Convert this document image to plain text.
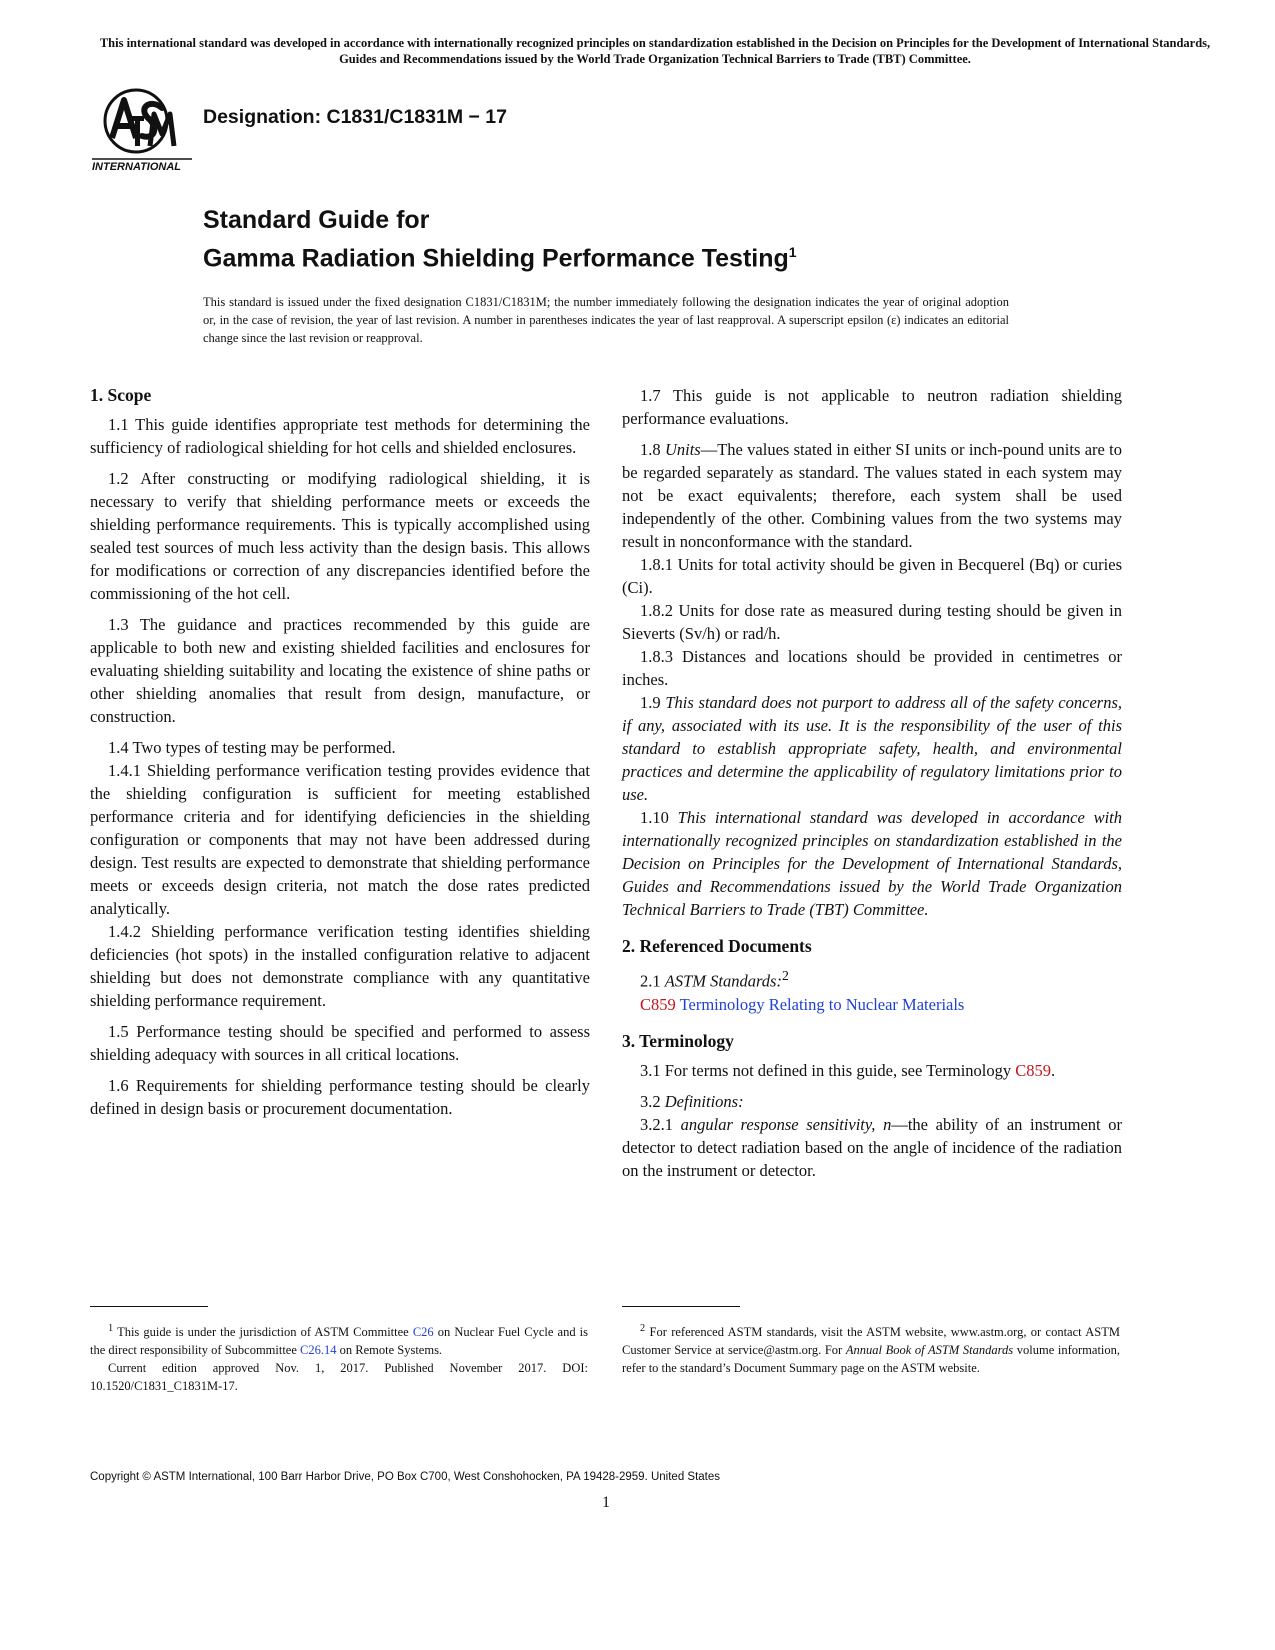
This international standard was developed in accordance with internationally recognized principles on standardization established in the Decision on Principles for the Development of International Standards, Guides and Recommendations issued by the World Trade Organization Technical Barriers to Trade (TBT) Committee.
INTERNATIONAL
Designation: C1831/C1831M − 17
Standard Guide for
Gamma Radiation Shielding Performance Testing$^1$
This standard is issued under the fixed designation C1831/C1831M; the number immediately following the designation indicates the year of original adoption or, in the case of revision, the year of last revision. A number in parentheses indicates the year of last reapproval. A superscript epsilon (ε) indicates an editorial change since the last revision or reapproval.
1. Scope

1.1 This guide identifies appropriate test methods for determining the sufficiency of radiological shielding for hot cells and shielded enclosures.

1.2 After constructing or modifying radiological shielding, it is necessary to verify that shielding performance meets or exceeds the shielding performance requirements. This is typically accomplished using sealed test sources of much less activity than the design basis. This allows for modifications or correction of any discrepancies identified before the commissioning of the hot cell.

1.3 The guidance and practices recommended by this guide are applicable to both new and existing shielded facilities and enclosures for evaluating shielding suitability and locating the existence of shine paths or other shielding anomalies that result from design, manufacture, or construction.

1.4 Two types of testing may be performed.

1.4.1 Shielding performance verification testing provides evidence that the shielding configuration is sufficient for meeting established performance criteria and for identifying deficiencies in the shielding configuration or components that may not have been addressed during design. Test results are expected to demonstrate that shielding performance meets or exceeds design criteria, not match the dose rates predicted analytically.

1.4.2 Shielding performance verification testing identifies shielding deficiencies (hot spots) in the installed configuration relative to adjacent shielding but does not demonstrate compliance with any quantitative shielding performance requirement.

1.5 Performance testing should be specified and performed to assess shielding adequacy with sources in all critical locations.

1.6 Requirements for shielding performance testing should be clearly defined in design basis or procurement documentation.

1.7 This guide is not applicable to neutron radiation shielding performance evaluations.

1.8 Units—The values stated in either SI units or inch-pound units are to be regarded separately as standard. The values stated in each system may not be exact equivalents; therefore, each system shall be used independently of the other. Combining values from the two systems may result in nonconformance with the standard.

1.8.1 Units for total activity should be given in Becquerel (Bq) or curies (Ci).

1.8.2 Units for dose rate as measured during testing should be given in Sieverts (Sv/h) or rad/h.

1.8.3 Distances and locations should be provided in centimetres or inches.

1.9 This standard does not purport to address all of the safety concerns, if any, associated with its use. It is the responsibility of the user of this standard to establish appropriate safety, health, and environmental practices and determine the applicability of regulatory limitations prior to use.

1.10 This international standard was developed in accordance with internationally recognized principles on standardization established in the Decision on Principles for the Development of International Standards, Guides and Recommendations issued by the World Trade Organization Technical Barriers to Trade (TBT) Committee.

2. Referenced Documents

2.1 ASTM Standards:$^2$

C859 Terminology Relating to Nuclear Materials
3. Terminology

3.1 For terms not defined in this guide, see Terminology C859.

3.2 Definitions:

3.2.1 angular response sensitivity, n—the ability of an instrument or detector to detect radiation based on the angle of incidence of the radiation on the instrument or detector.

$^1$ This guide is under the jurisdiction of ASTM Committee C26 on Nuclear Fuel Cycle and is the direct responsibility of Subcommittee C26.14 on Remote Systems.

Current edition approved Nov. 1, 2017. Published November 2017. DOI: 10.1520/C1831_C1831M-17.

$^2$ For referenced ASTM standards, visit the ASTM website, www.astm.org, or contact ASTM Customer Service at service@astm.org. For Annual Book of ASTM Standards volume information, refer to the standard’s Document Summary page on the ASTM website.

Copyright © ASTM International, 100 Barr Harbor Drive, PO Box C700, West Conshohocken, PA 19428-2959. United States
1
